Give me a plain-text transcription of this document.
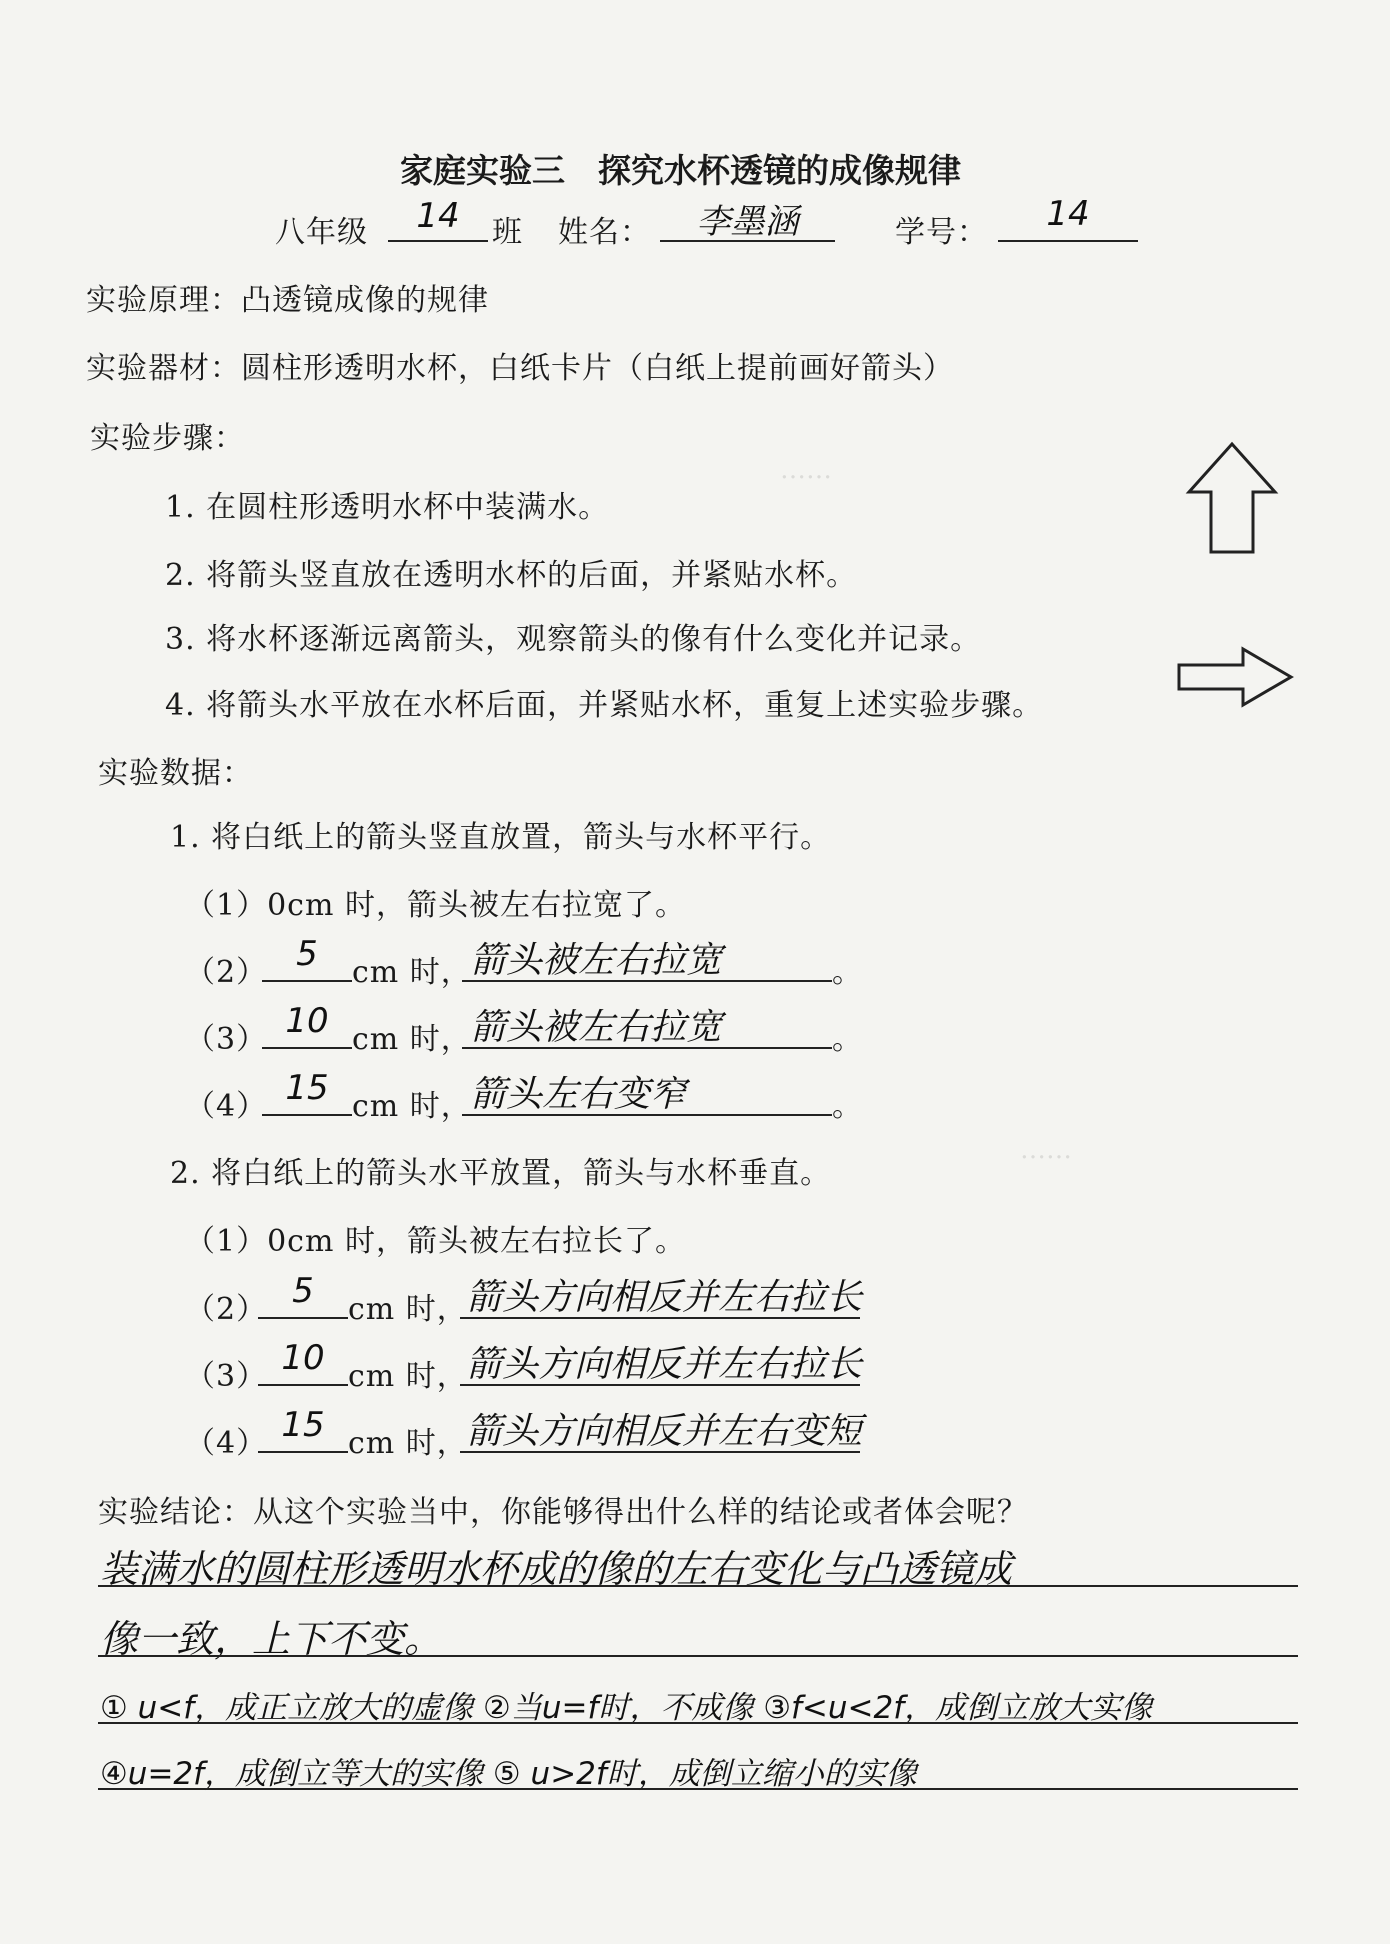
……
……
家庭实验三　探究水杯透镜的成像规律
八年级	14	班 姓名：	李墨涵	学号：	14
实验原理：凸透镜成像的规律
实验器材：圆柱形透明水杯，白纸卡片（白纸上提前画好箭头）
实验步骤：
1. 在圆柱形透明水杯中装满水。
2. 将箭头竖直放在透明水杯的后面，并紧贴水杯。
3. 将水杯逐渐远离箭头，观察箭头的像有什么变化并记录。
4. 将箭头水平放在水杯后面，并紧贴水杯，重复上述实验步骤。
实验数据：
1. 将白纸上的箭头竖直放置，箭头与水杯平行。
（1）0cm 时，箭头被左右拉宽了。
（2） 5	cm 时，
箭头被左右拉宽	。
（3） 10 cm 时，
箭头被左右拉宽	。
（4） 15 cm 时，
箭头左右变窄	。
2. 将白纸上的箭头水平放置，箭头与水杯垂直。
（1）0cm 时，箭头被左右拉长了。
（2） 5	cm 时，
箭头方向相反并左右拉长
（3） 10 cm 时，
箭头方向相反并左右拉长
（4） 15 cm 时，
箭头方向相反并左右变短
实验结论：从这个实验当中，你能够得出什么样的结论或者体会呢？
装满水的圆柱形透明水杯成的像的左右变化与凸透镜成
像一致，上下不变。
① u<f，成正立放大的虚像 ②当u=f时，不成像 ③f<u<2f，成倒立放大实像
④u=2f，成倒立等大的实像 ⑤ u>2f时，成倒立缩小的实像
